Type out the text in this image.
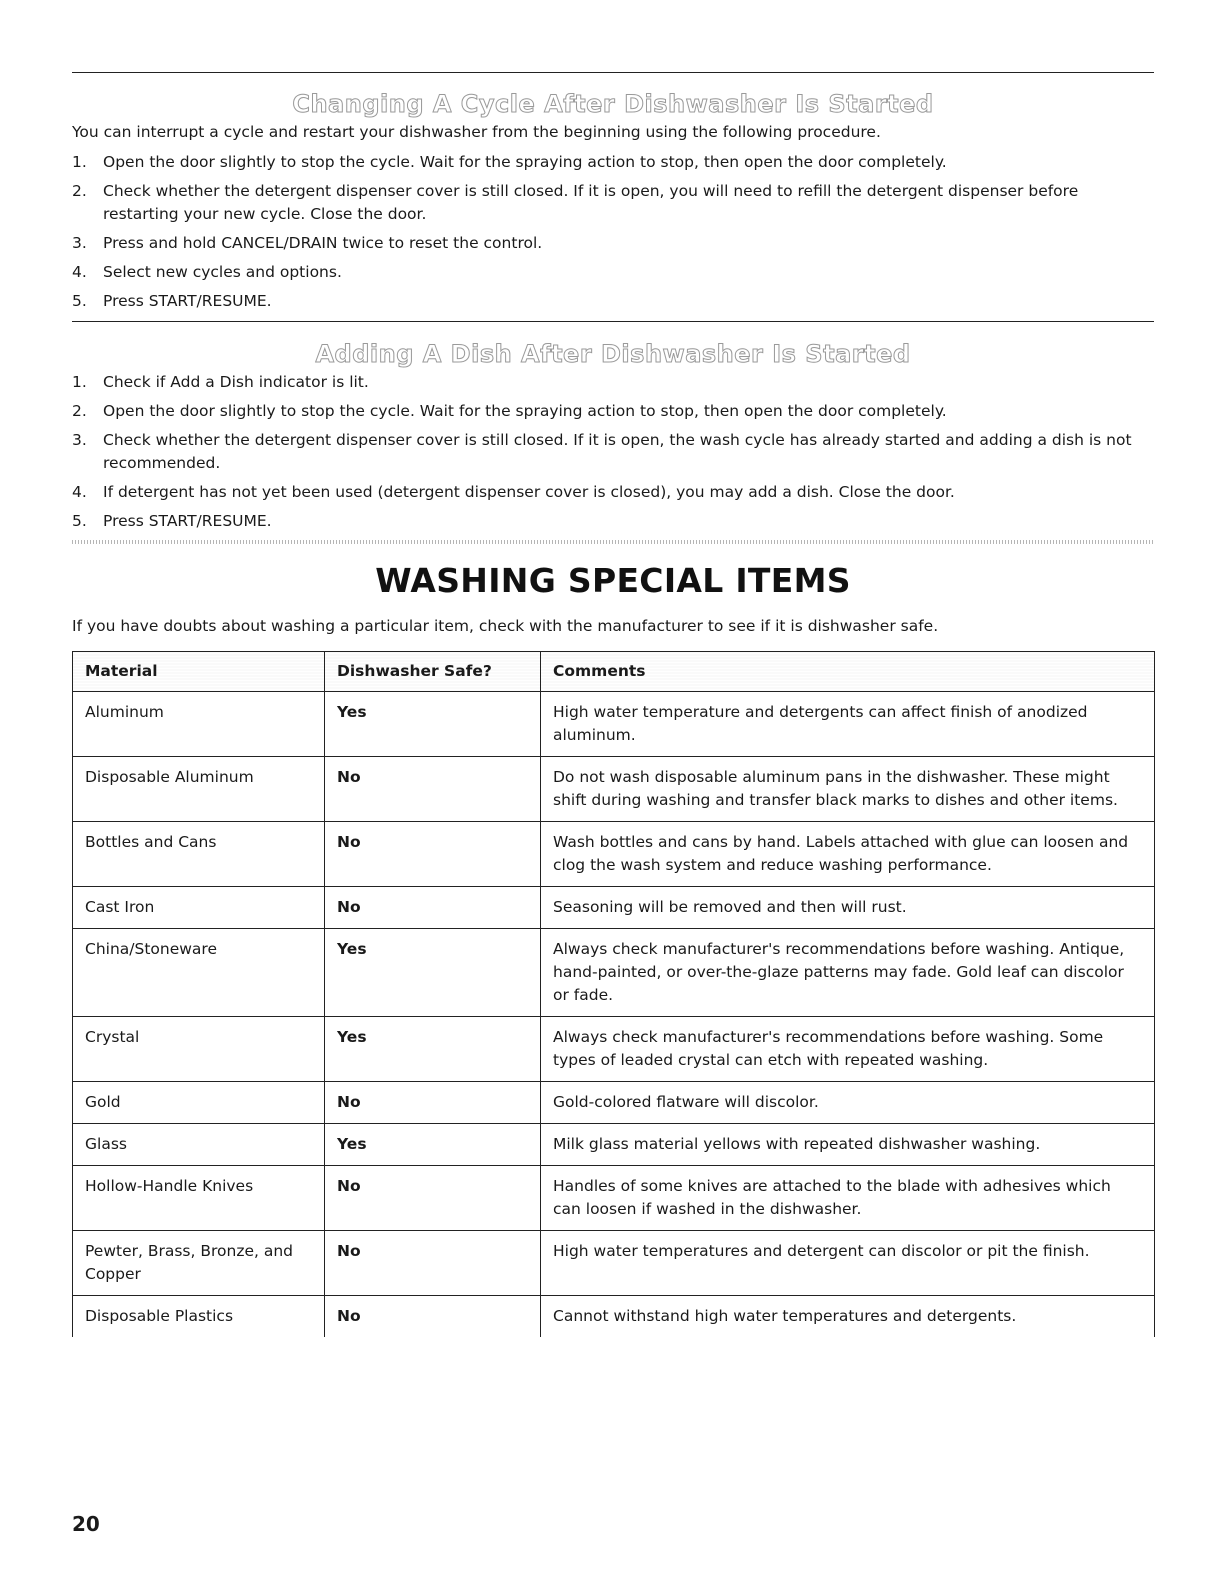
Changing A Cycle After Dishwasher Is Started
You can interrupt a cycle and restart your dishwasher from the beginning using the following procedure.
1. Open the door slightly to stop the cycle. Wait for the spraying action to stop, then open the door completely.
2. Check whether the detergent dispenser cover is still closed. If it is open, you will need to refill the detergent dispenser before restarting your new cycle. Close the door.
3. Press and hold CANCEL/DRAIN twice to reset the control.
4. Select new cycles and options.
5. Press START/RESUME.
Adding A Dish After Dishwasher Is Started
1. Check if Add a Dish indicator is lit.
2. Open the door slightly to stop the cycle. Wait for the spraying action to stop, then open the door completely.
3. Check whether the detergent dispenser cover is still closed. If it is open, the wash cycle has already started and adding a dish is not recommended.
4. If detergent has not yet been used (detergent dispenser cover is closed), you may add a dish. Close the door.
5. Press START/RESUME.
WASHING SPECIAL ITEMS
If you have doubts about washing a particular item, check with the manufacturer to see if it is dishwasher safe.
Material	Dishwasher Safe?	Comments
Aluminum	Yes	High water temperature and detergents can affect finish of anodized aluminum.
Disposable Aluminum	No	Do not wash disposable aluminum pans in the dishwasher. These might shift during washing and transfer black marks to dishes and other items.
Bottles and Cans	No	Wash bottles and cans by hand. Labels attached with glue can loosen and clog the wash system and reduce washing performance.
Cast Iron	No	Seasoning will be removed and then will rust.
China/Stoneware	Yes	Always check manufacturer's recommendations before washing. Antique, hand-painted, or over-the-glaze patterns may fade. Gold leaf can discolor or fade.
Crystal	Yes	Always check manufacturer's recommendations before washing. Some types of leaded crystal can etch with repeated washing.
Gold	No	Gold-colored flatware will discolor.
Glass	Yes	Milk glass material yellows with repeated dishwasher washing.
Hollow-Handle Knives	No	Handles of some knives are attached to the blade with adhesives which can loosen if washed in the dishwasher.
Pewter, Brass, Bronze, and Copper	No	High water temperatures and detergent can discolor or pit the finish.
Disposable Plastics	No	Cannot withstand high water temperatures and detergents.
20
